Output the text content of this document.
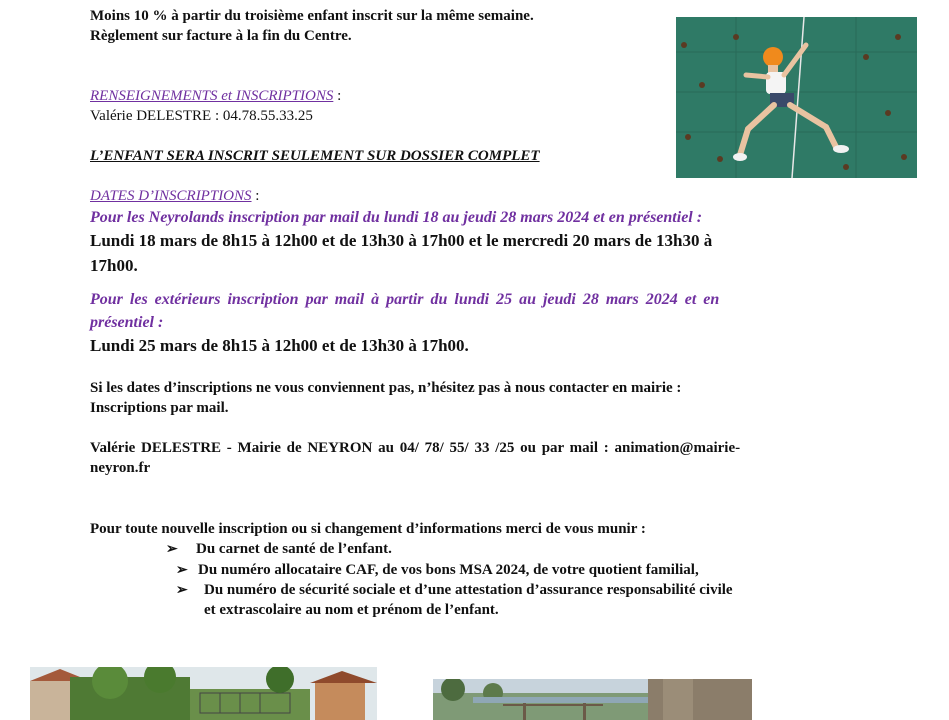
Moins 10 % à partir du troisième enfant inscrit sur la même semaine.
Règlement sur facture à la fin du Centre.
RENSEIGNEMENTS et INSCRIPTIONS :
Valérie DELESTRE : 04.78.55.33.25
L’ENFANT SERA INSCRIT SEULEMENT SUR DOSSIER COMPLET
DATES D’INSCRIPTIONS :
Pour les Neyrolands inscription par mail du lundi 18 au jeudi 28 mars 2024 et en présentiel :
Lundi 18 mars de 8h15 à 12h00 et de 13h30 à 17h00 et le mercredi 20 mars de 13h30 à
17h00.
Pour les extérieurs inscription par mail à partir du lundi 25 au jeudi 28 mars 2024 et en
présentiel :
Lundi 25 mars de 8h15 à 12h00 et de 13h30 à 17h00.
Si les dates d’inscriptions ne vous conviennent pas, n’hésitez pas à nous contacter en mairie :
Inscriptions par mail.
Valérie DELESTRE - Mairie de NEYRON au 04/ 78/ 55/ 33 /25 ou par mail : animation@mairie-
neyron.fr
Pour toute nouvelle inscription ou si changement d’informations merci de vous munir :
➢ Du carnet de santé de l’enfant.
➢ Du numéro allocataire CAF, de vos bons MSA 2024, de votre quotient familial,
➢ Du numéro de sécurité sociale et d’une attestation d’assurance responsabilité civile
et extrascolaire au nom et prénom de l’enfant.
